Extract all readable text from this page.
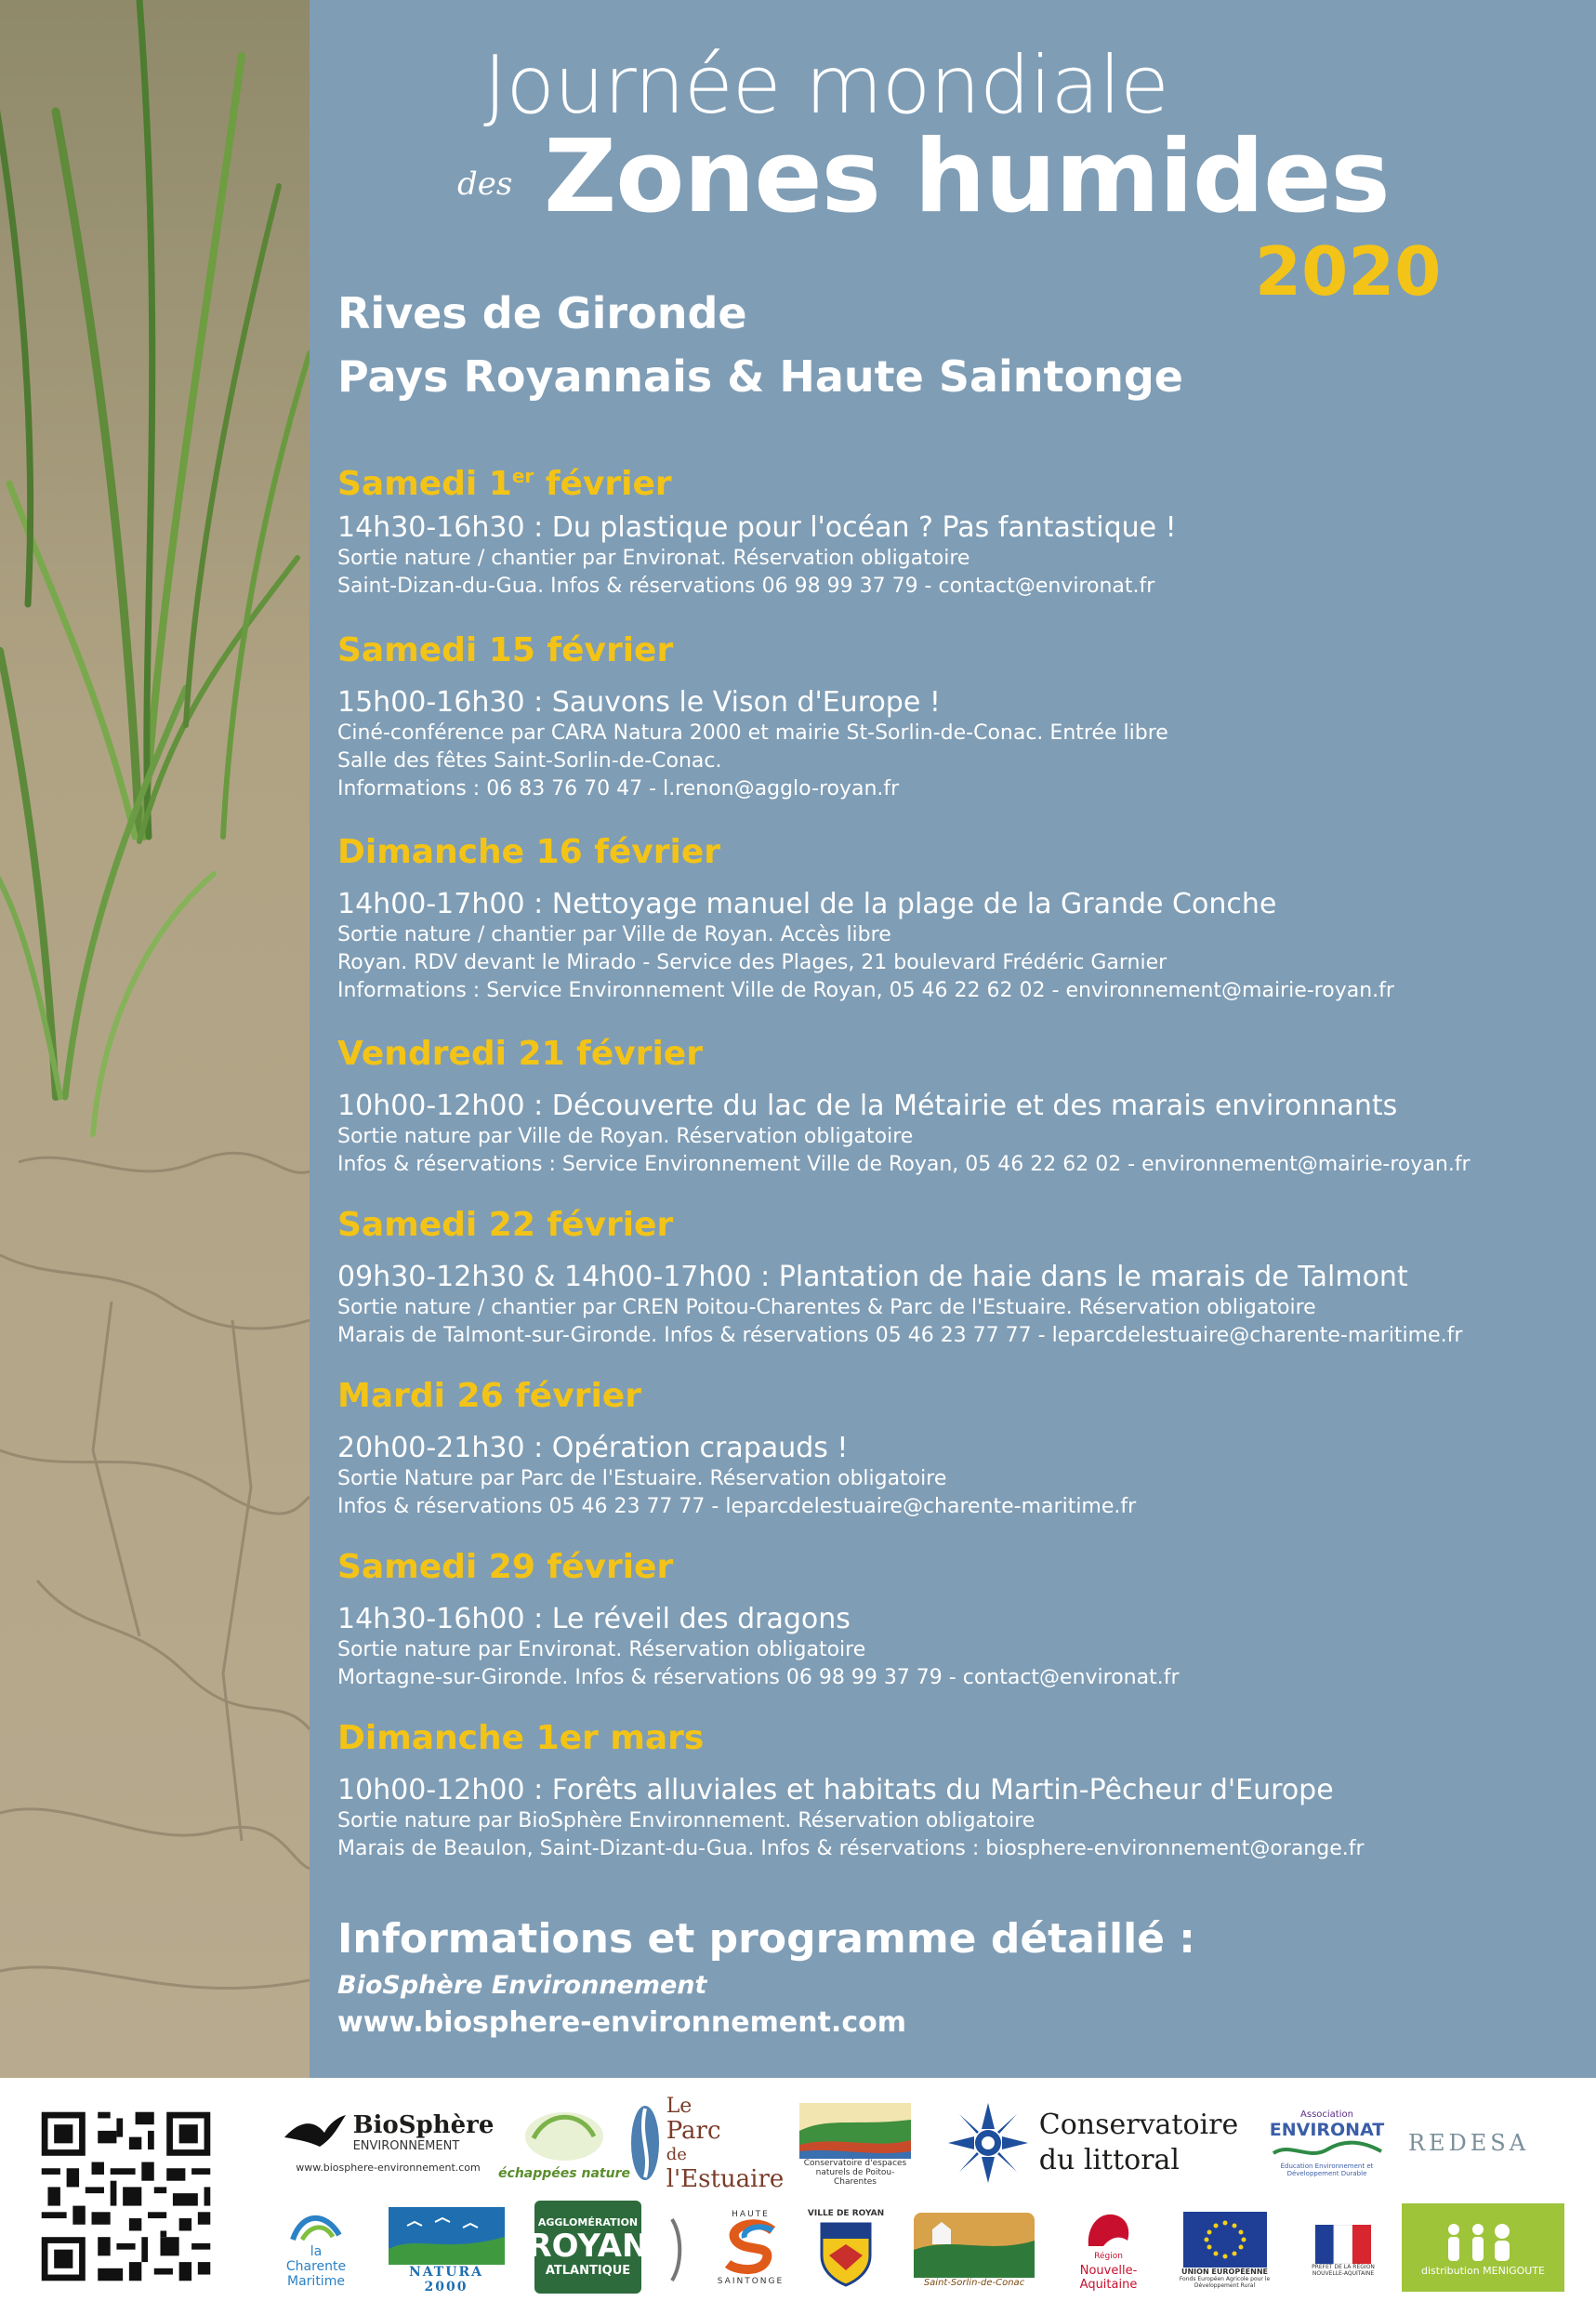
Journée mondiale
des Zones humides
2020
Rives de Gironde
Pays Royannais & Haute Saintonge
Samedi 1er février
14h30-16h30 : Du plastique pour l'océan ? Pas fantastique !
Sortie nature / chantier par Environat. Réservation obligatoire
Saint-Dizan-du-Gua. Infos & réservations 06 98 99 37 79 - contact@environat.fr
Samedi 15 février
15h00-16h30 : Sauvons le Vison d'Europe !
Ciné-conférence par CARA Natura 2000 et mairie St-Sorlin-de-Conac. Entrée libre
Salle des fêtes Saint-Sorlin-de-Conac.
Informations : 06 83 76 70 47 - l.renon@agglo-royan.fr
Dimanche 16 février
14h00-17h00 : Nettoyage manuel de la plage de la Grande Conche
Sortie nature / chantier par Ville de Royan. Accès libre
Royan. RDV devant le Mirado - Service des Plages, 21 boulevard Frédéric Garnier
Informations : Service Environnement Ville de Royan, 05 46 22 62 02 - environnement@mairie-royan.fr
Vendredi 21 février
10h00-12h00 : Découverte du lac de la Métairie et des marais environnants
Sortie nature par Ville de Royan. Réservation obligatoire
Infos & réservations : Service Environnement Ville de Royan, 05 46 22 62 02 - environnement@mairie-royan.fr
Samedi 22 février
09h30-12h30 & 14h00-17h00 : Plantation de haie dans le marais de Talmont
Sortie nature / chantier par CREN Poitou-Charentes & Parc de l'Estuaire. Réservation obligatoire
Marais de Talmont-sur-Gironde. Infos & réservations 05 46 23 77 77 - leparcdelestuaire@charente-maritime.fr
Mardi 26 février
20h00-21h30 : Opération crapauds !
Sortie Nature par Parc de l'Estuaire. Réservation obligatoire
Infos & réservations 05 46 23 77 77 - leparcdelestuaire@charente-maritime.fr
Samedi 29 février
14h30-16h00 : Le réveil des dragons
Sortie nature par Environat. Réservation obligatoire
Mortagne-sur-Gironde. Infos & réservations 06 98 99 37 79 - contact@environat.fr
Dimanche 1er mars
10h00-12h00 : Forêts alluviales et habitats du Martin-Pêcheur d'Europe
Sortie nature par BioSphère Environnement. Réservation obligatoire
Marais de Beaulon, Saint-Dizant-du-Gua. Infos & réservations : biosphere-environnement@orange.fr
Informations et programme détaillé :
BioSphère Environnement
www.biosphere-environnement.com
BioSphère
ENVIRONNEMENT
www.biosphere-environnement.com échappées nature
Le
Parc
de
l'Estuaire
Conservatoire d'espaces naturels de Poitou-Charentes
Conservatoire
du littoral
Association
ENVIRONAT
Éducation Environnement et Développement Durable
REDESA
la
Charente
Maritime
NATURA 2000
AGGLOMÉRATION
ROYAN
ATLANTIQUE
HAUTE
SAINTONGE
VILLE DE ROYAN
Saint-Sorlin-de-Conac
Région
Nouvelle-
Aquitaine
UNION EUROPÉENNE
Fonds Européen Agricole pour le Développement Rural
PRÉFET DE LA RÉGION NOUVELLE-AQUITAINE	distribution MENIGOUTE
